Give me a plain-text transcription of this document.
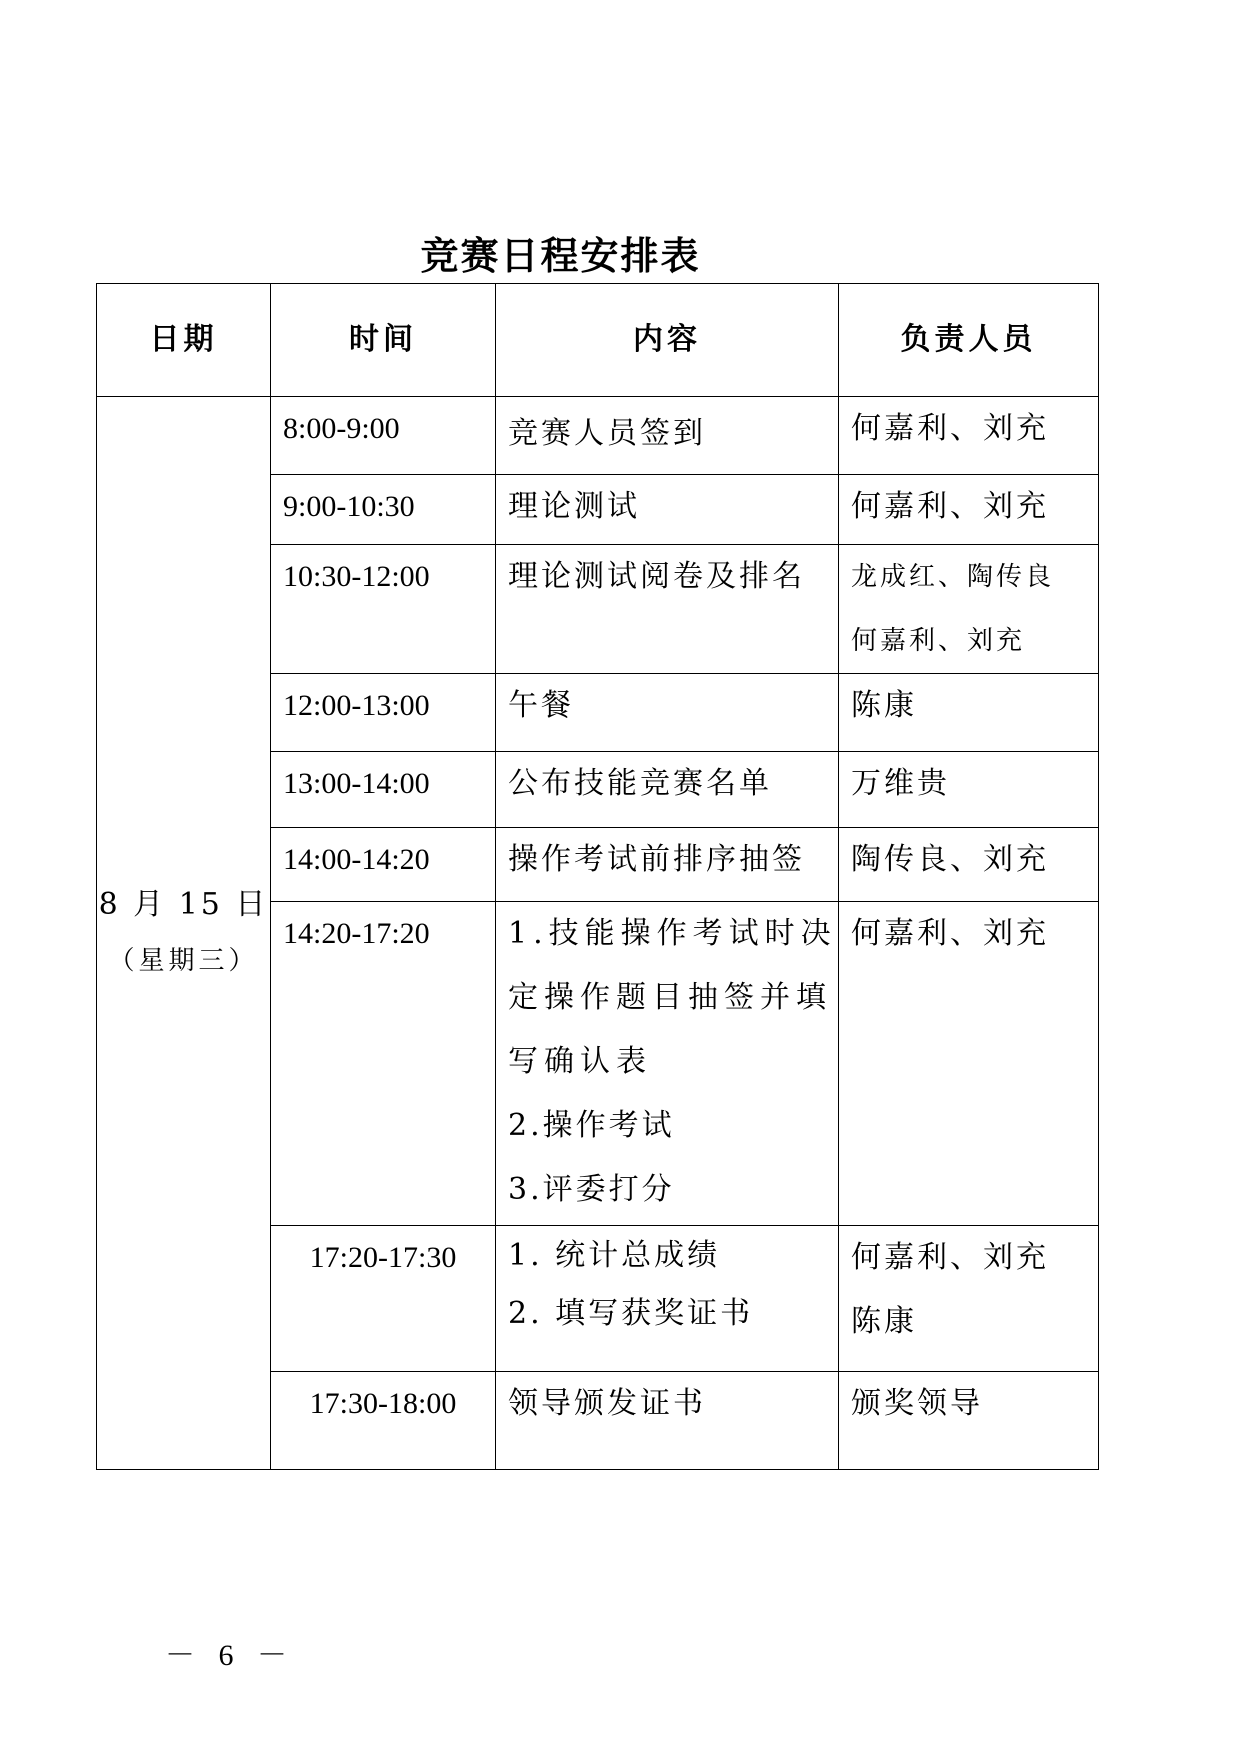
竞赛日程安排表
日期	时间	内容	负责人员

8 月 15 日
（星期三）	8:00-9:00	竞赛人员签到	何嘉利、刘充

	9:00-10:30	理论测试	何嘉利、刘充

	10:30-12:00	理论测试阅卷及排名	龙成红、陶传良
何嘉利、刘充

	12:00-13:00	午餐	陈康

	13:00-14:00	公布技能竞赛名单	万维贵

	14:00-14:20	操作考试前排序抽签	陶传良、刘充

	14:20-17:20	1.技能操作考试时决
定操作题目抽签并填
写确认表
2.操作考试
3.评委打分	何嘉利、刘充

	17:20-17:30	1. 统计总成绩
2. 填写获奖证书	何嘉利、刘充
陈康

	17:30-18:00	领导颁发证书	颁奖领导
－ 6 －
